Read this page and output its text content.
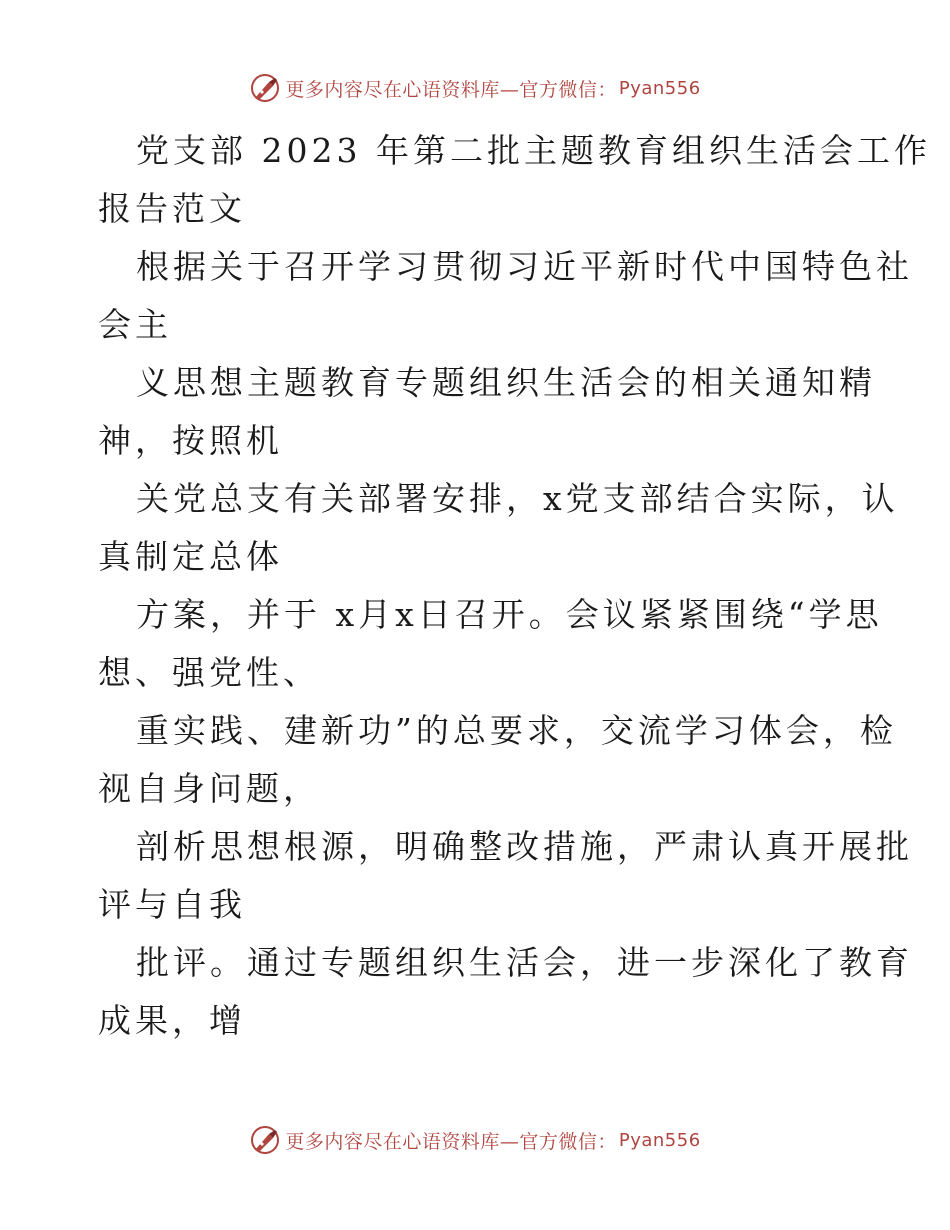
更多内容尽在心语资料库—官方微信： Pyan556
党支部 2023 年第二批主题教育组织生活会工作
报告范文
根据关于召开学习贯彻习近平新时代中国特色社
会主
义思想主题教育专题组织生活会的相关通知精
神，按照机
关党总支有关部署安排，x党支部结合实际，认
真制定总体
方案，并于 x月x日召开。会议紧紧围绕“学思
想、强党性、
重实践、建新功”的总要求，交流学习体会，检
视自身问题，
剖析思想根源，明确整改措施，严肃认真开展批
评与自我
批评。通过专题组织生活会，进一步深化了教育
成果，增
更多内容尽在心语资料库—官方微信： Pyan556
